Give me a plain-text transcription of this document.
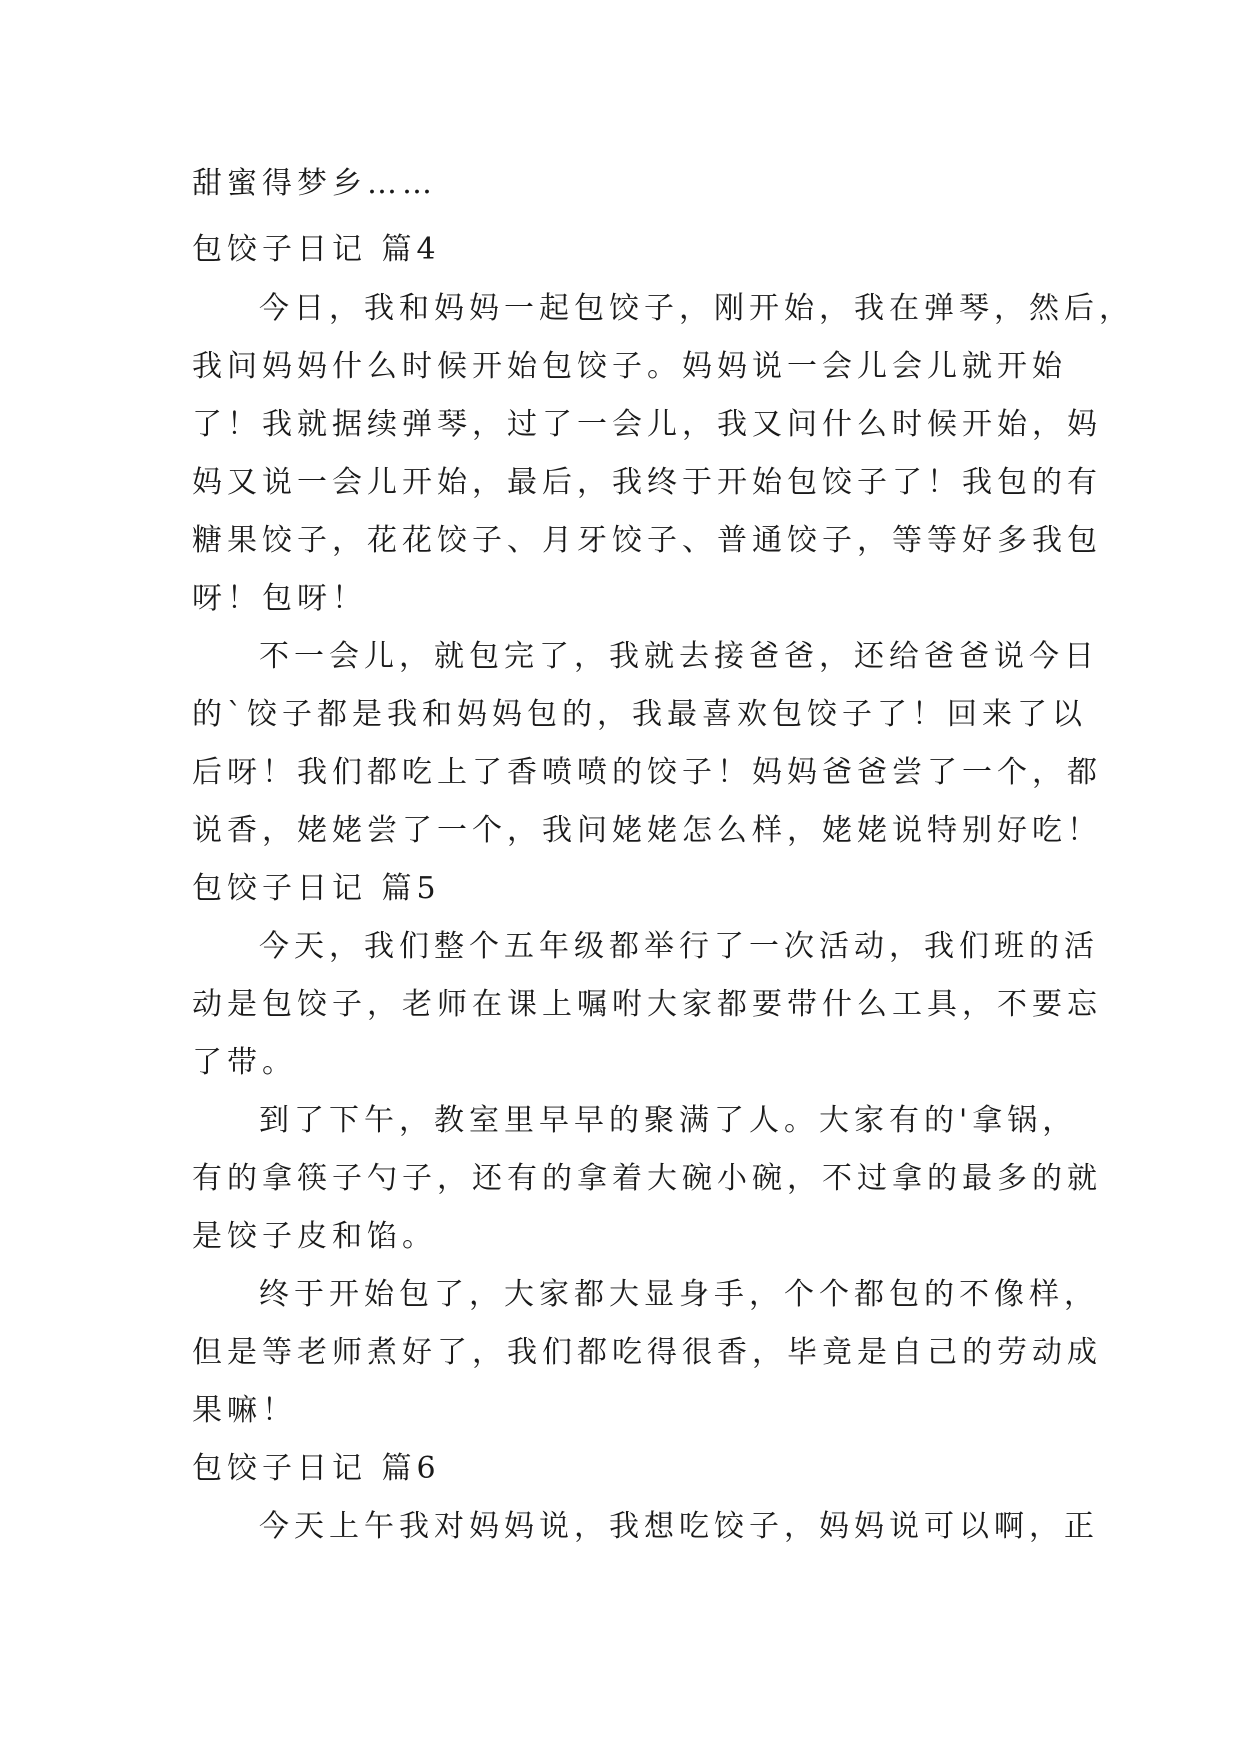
甜蜜得梦乡……
包饺子日记 篇4
今日，我和妈妈一起包饺子，刚开始，我在弹琴，然后，
我问妈妈什么时候开始包饺子。妈妈说一会儿会儿就开始
了！我就据续弹琴，过了一会儿，我又问什么时候开始，妈
妈又说一会儿开始，最后，我终于开始包饺子了！我包的有
糖果饺子，花花饺子、月牙饺子、普通饺子，等等好多我包
呀！包呀！
不一会儿，就包完了，我就去接爸爸，还给爸爸说今日
的`饺子都是我和妈妈包的，我最喜欢包饺子了！回来了以
后呀！我们都吃上了香喷喷的饺子！妈妈爸爸尝了一个，都
说香，姥姥尝了一个，我问姥姥怎么样，姥姥说特别好吃！
包饺子日记 篇5
今天，我们整个五年级都举行了一次活动，我们班的活
动是包饺子，老师在课上嘱咐大家都要带什么工具，不要忘
了带。
到了下午，教室里早早的聚满了人。大家有的'拿锅，
有的拿筷子勺子，还有的拿着大碗小碗，不过拿的最多的就
是饺子皮和馅。
终于开始包了，大家都大显身手，个个都包的不像样，
但是等老师煮好了，我们都吃得很香，毕竟是自己的劳动成
果嘛！
包饺子日记 篇6
今天上午我对妈妈说，我想吃饺子，妈妈说可以啊，正
